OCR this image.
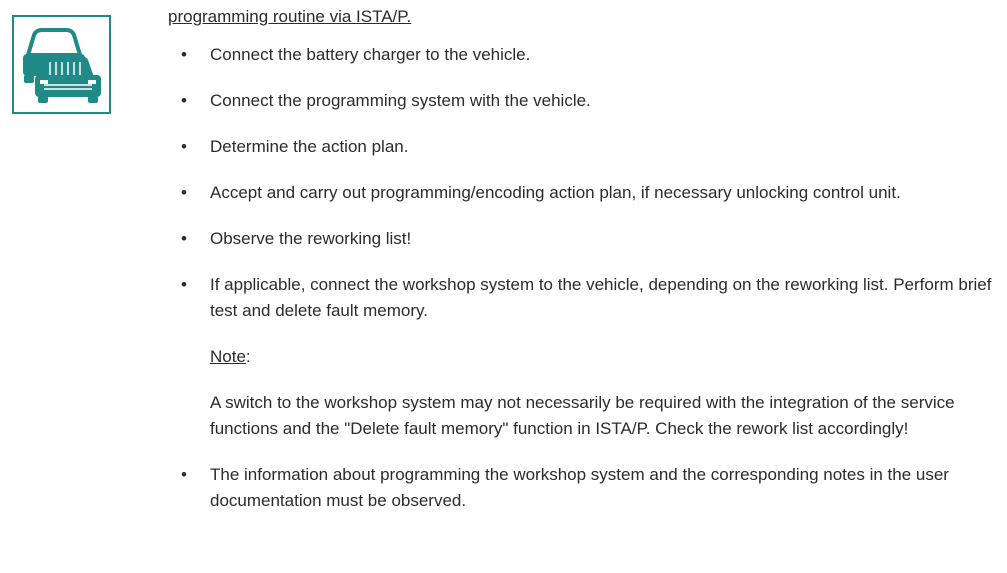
programming routine via ISTA/P.
• Connect the battery charger to the vehicle.
• Connect the programming system with the vehicle.
• Determine the action plan.
• Accept and carry out programming/encoding action plan, if necessary unlocking control unit.
• Observe the reworking list!
• If applicable, connect the workshop system to the vehicle, depending on the reworking list. Perform brief test and delete fault memory.
Note:
A switch to the workshop system may not necessarily be required with the integration of the service functions and the "Delete fault memory" function in ISTA/P. Check the rework list accordingly!
• The information about programming the workshop system and the corresponding notes in the user documentation must be observed.
